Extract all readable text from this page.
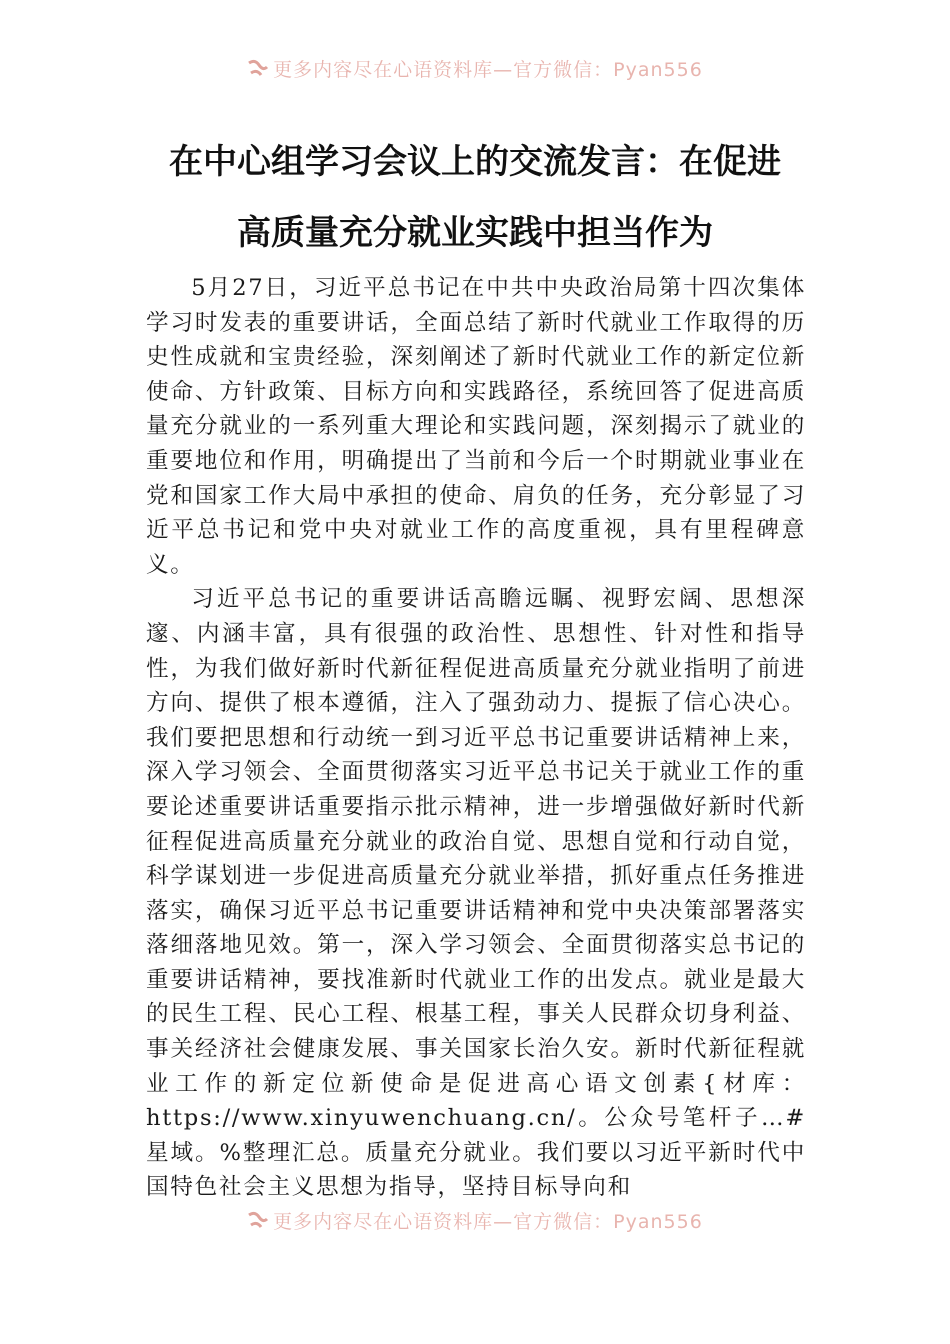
更多内容尽在心语资料库—官方微信：Pyan556
在中心组学习会议上的交流发言：在促进
高质量充分就业实践中担当作为

5月27日，习近平总书记在中共中央政治局第十四次集体学习时发表的重要讲话，全面总结了新时代就业工作取得的历史性成就和宝贵经验，深刻阐述了新时代就业工作的新定位新使命、方针政策、目标方向和实践路径，系统回答了促进高质量充分就业的一系列重大理论和实践问题，深刻揭示了就业的重要地位和作用，明确提出了当前和今后一个时期就业事业在党和国家工作大局中承担的使命、肩负的任务，充分彰显了习近平总书记和党中央对就业工作的高度重视，具有里程碑意义。

习近平总书记的重要讲话高瞻远瞩、视野宏阔、思想深邃、内涵丰富，具有很强的政治性、思想性、针对性和指导性，为我们做好新时代新征程促进高质量充分就业指明了前进方向、提供了根本遵循，注入了强劲动力、提振了信心决心。我们要把思想和行动统一到习近平总书记重要讲话精神上来，深入学习领会、全面贯彻落实习近平总书记关于就业工作的重要论述重要讲话重要指示批示精神，进一步增强做好新时代新征程促进高质量充分就业的政治自觉、思想自觉和行动自觉，科学谋划进一步促进高质量充分就业举措，抓好重点任务推进落实，确保习近平总书记重要讲话精神和党中央决策部署落实落细落地见效。第一，深入学习领会、全面贯彻落实总书记的重要讲话精神，要找准新时代就业工作的出发点。就业是最大的民生工程、民心工程、根基工程，事关人民群众切身利益、事关经济社会健康发展、事关国家长治久安。新时代新征程就业工作的新定位新使命是促进高心语文创素{材库：https://www.xinyuwenchuang.cn/。公众号笔杆子…#星域。%整理汇总。质量充分就业。我们要以习近平新时代中国特色社会主义思想为指导，坚持目标导向和

更多内容尽在心语资料库—官方微信：Pyan556
